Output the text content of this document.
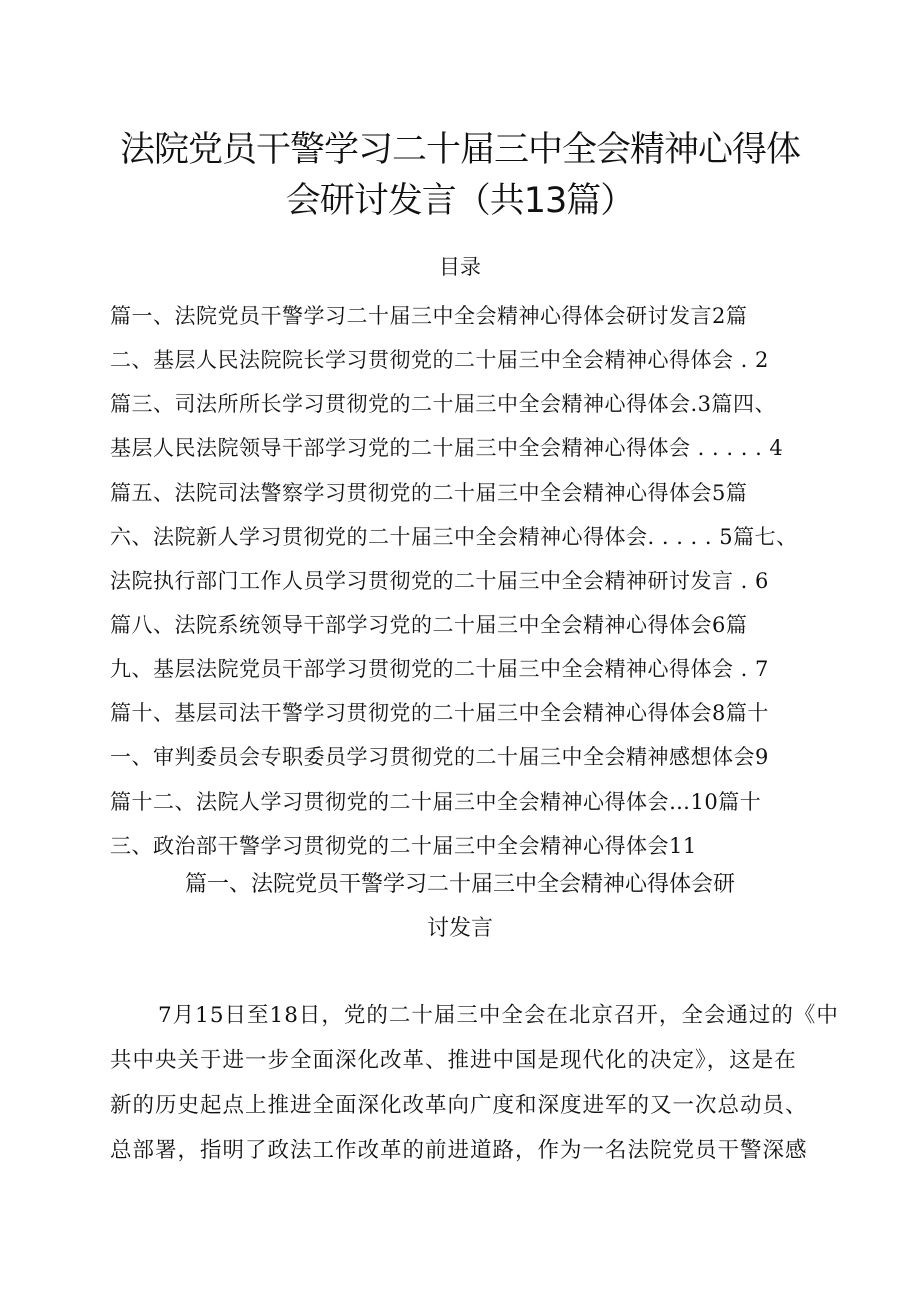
法院党员干警学习二十届三中全会精神心得体
会研讨发言（共13篇）
目录
篇一、法院党员干警学习二十届三中全会精神心得体会研讨发言2篇
二、基层人民法院院长学习贯彻党的二十届三中全会精神心得体会 . 2
篇三、司法所所长学习贯彻党的二十届三中全会精神心得体会.3篇四、
基层人民法院领导干部学习党的二十届三中全会精神心得体会 . . . . . 4
篇五、法院司法警察学习贯彻党的二十届三中全会精神心得体会5篇
六、法院新人学习贯彻党的二十届三中全会精神心得体会. . . . . 5篇七、
法院执行部门工作人员学习贯彻党的二十届三中全会精神研讨发言 . 6
篇八、法院系统领导干部学习党的二十届三中全会精神心得体会6篇
九、基层法院党员干部学习贯彻党的二十届三中全会精神心得体会 . 7
篇十、基层司法干警学习贯彻党的二十届三中全会精神心得体会8篇十
一、审判委员会专职委员学习贯彻党的二十届三中全会精神感想体会9
篇十二、法院人学习贯彻党的二十届三中全会精神心得体会…10篇十
三、政治部干警学习贯彻党的二十届三中全会精神心得体会11
篇一、法院党员干警学习二十届三中全会精神心得体会研
讨发言
7月15日至18日，党的二十届三中全会在北京召开，全会通过的《中
共中央关于进一步全面深化改革、推进中国是现代化的决定》，这是在
新的历史起点上推进全面深化改革向广度和深度进军的又一次总动员、
总部署，指明了政法工作改革的前进道路，作为一名法院党员干警深感
